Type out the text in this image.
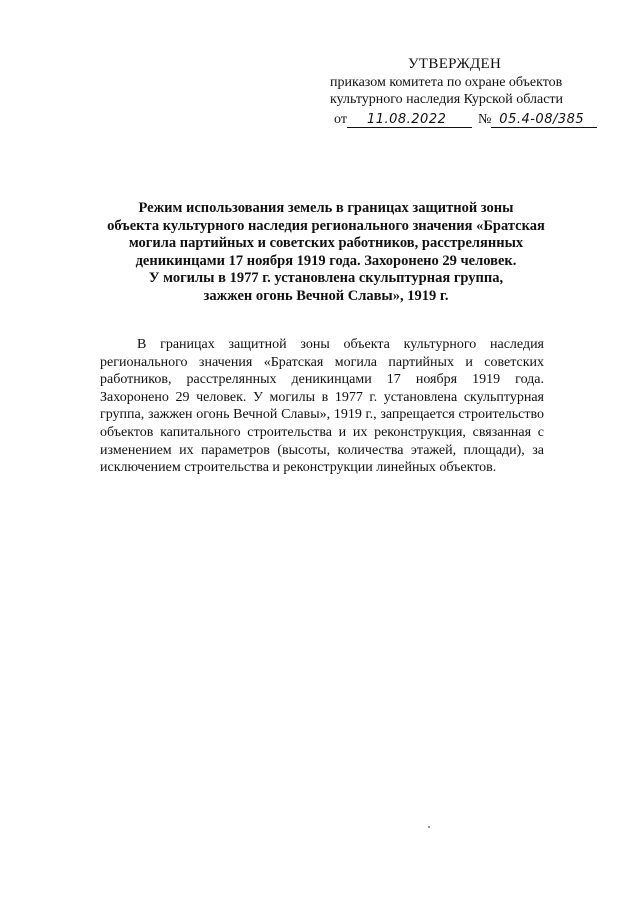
УТВЕРЖДЕН
приказом комитета по охране объектов
культурного наследия Курской области
от 11.08.2022 № 05.4-08/385
Режим использования земель в границах защитной зоны
объекта культурного наследия регионального значения «Братская
могила партийных и советских работников, расстрелянных
деникинцами 17 ноября 1919 года. Захоронено 29 человек.
У могилы в 1977 г. установлена скульптурная группа,
зажжен огонь Вечной Славы», 1919 г.

В границах защитной зоны объекта культурного наследия регионального значения «Братская могила партийных и советских работников, расстрелянных деникинцами 17 ноября 1919 года. Захоронено 29 человек. У могилы в 1977 г. установлена скульптурная группа, зажжен огонь Вечной Славы», 1919 г., запрещается строительство объектов капитального строительства и их реконструкция, связанная с изменением их параметров (высоты, количества этажей, площади), за исключением строительства и реконструкции линейных объектов.
